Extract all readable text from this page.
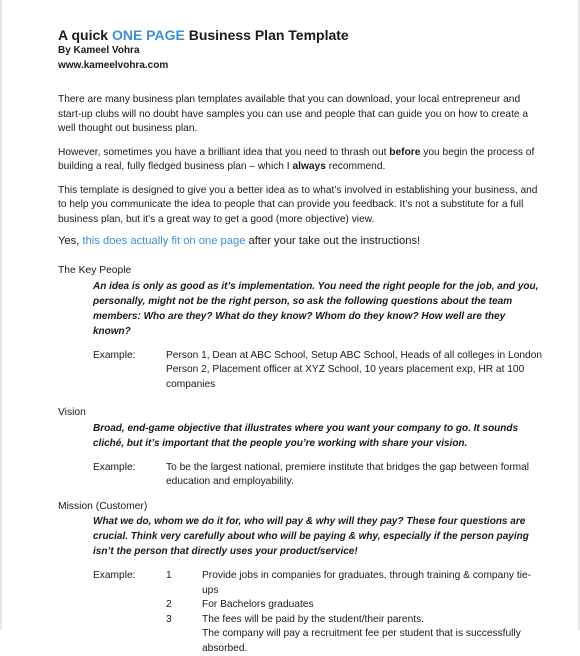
A quick ONE PAGE Business Plan Template
By Kameel Vohra
www.kameelvohra.com

There are many business plan templates available that you can download, your local entrepreneur and start-up clubs will no doubt have samples you can use and people that can guide you on how to create a well thought out business plan.

However, sometimes you have a brilliant idea that you need to thrash out before you begin the process of building a real, fully fledged business plan – which I always recommend.

This template is designed to give you a better idea as to what’s involved in establishing your business, and to help you communicate the idea to people that can provide you feedback. It’s not a substitute for a full business plan, but it’s a great way to get a good (more objective) view.

Yes, this does actually fit on one page after your take out the instructions!

The Key People
An idea is only as good as it’s implementation. You need the right people for the job, and you, personally, might not be the right person, so ask the following questions about the team members: Who are they? What do they know? Whom do they know? How well are they known?
Example:	Person 1, Dean at ABC School, Setup ABC School, Heads of all colleges in London
Person 2, Placement officer at XYZ School, 10 years placement exp, HR at 100 companies
Vision
Broad, end-game objective that illustrates where you want your company to go. It sounds cliché, but it’s important that the people you’re working with share your vision.
Example:	To be the largest national, premiere institute that bridges the gap between formal education and employability.
Mission (Customer)
What we do, whom we do it for, who will pay & why will they pay? These four questions are crucial. Think very carefully about who will be paying & why, especially if the person paying isn’t the person that directly uses your product/service!
Example:	1	Provide jobs in companies for graduates, through training & company tie-ups
2	For Bachelors graduates
3	The fees will be paid by the student/their parents.
The company will pay a recruitment fee per student that is successfully absorbed.
